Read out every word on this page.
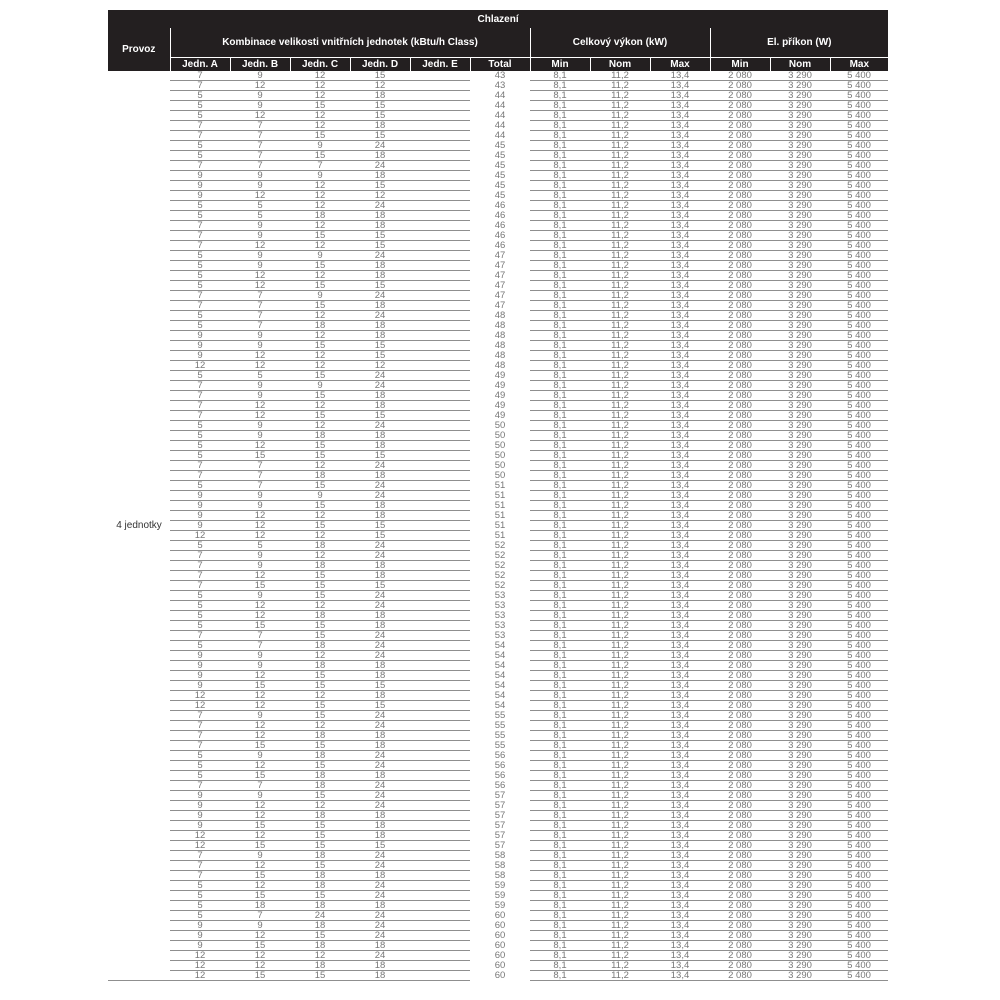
Chlazení												
Provoz	Kombinace velikosti vnitřních jednotek (kBtu/h Class)						Celkový výkon (kW)			El. příkon (W)		
	Jedn. A	Jedn. B	Jedn. C	Jedn. D	Jedn. E	Total	Min	Nom	Max	Min	Nom	Max
4 jednotky	7	9	12	15		43	8,1	11,2	13,4	2 080	3 290	5 400
	7	12	12	12		43	8,1	11,2	13,4	2 080	3 290	5 400
	5	9	12	18		44	8,1	11,2	13,4	2 080	3 290	5 400
	5	9	15	15		44	8,1	11,2	13,4	2 080	3 290	5 400
	5	12	12	15		44	8,1	11,2	13,4	2 080	3 290	5 400
	7	7	12	18		44	8,1	11,2	13,4	2 080	3 290	5 400
	7	7	15	15		44	8,1	11,2	13,4	2 080	3 290	5 400
	5	7	9	24		45	8,1	11,2	13,4	2 080	3 290	5 400
	5	7	15	18		45	8,1	11,2	13,4	2 080	3 290	5 400
	7	7	7	24		45	8,1	11,2	13,4	2 080	3 290	5 400
	9	9	9	18		45	8,1	11,2	13,4	2 080	3 290	5 400
	9	9	12	15		45	8,1	11,2	13,4	2 080	3 290	5 400
	9	12	12	12		45	8,1	11,2	13,4	2 080	3 290	5 400
	5	5	12	24		46	8,1	11,2	13,4	2 080	3 290	5 400
	5	5	18	18		46	8,1	11,2	13,4	2 080	3 290	5 400
	7	9	12	18		46	8,1	11,2	13,4	2 080	3 290	5 400
	7	9	15	15		46	8,1	11,2	13,4	2 080	3 290	5 400
	7	12	12	15		46	8,1	11,2	13,4	2 080	3 290	5 400
	5	9	9	24		47	8,1	11,2	13,4	2 080	3 290	5 400
	5	9	15	18		47	8,1	11,2	13,4	2 080	3 290	5 400
	5	12	12	18		47	8,1	11,2	13,4	2 080	3 290	5 400
	5	12	15	15		47	8,1	11,2	13,4	2 080	3 290	5 400
	7	7	9	24		47	8,1	11,2	13,4	2 080	3 290	5 400
	7	7	15	18		47	8,1	11,2	13,4	2 080	3 290	5 400
	5	7	12	24		48	8,1	11,2	13,4	2 080	3 290	5 400
	5	7	18	18		48	8,1	11,2	13,4	2 080	3 290	5 400
	9	9	12	18		48	8,1	11,2	13,4	2 080	3 290	5 400
	9	9	15	15		48	8,1	11,2	13,4	2 080	3 290	5 400
	9	12	12	15		48	8,1	11,2	13,4	2 080	3 290	5 400
	12	12	12	12		48	8,1	11,2	13,4	2 080	3 290	5 400
	5	5	15	24		49	8,1	11,2	13,4	2 080	3 290	5 400
	7	9	9	24		49	8,1	11,2	13,4	2 080	3 290	5 400
	7	9	15	18		49	8,1	11,2	13,4	2 080	3 290	5 400
	7	12	12	18		49	8,1	11,2	13,4	2 080	3 290	5 400
	7	12	15	15		49	8,1	11,2	13,4	2 080	3 290	5 400
	5	9	12	24		50	8,1	11,2	13,4	2 080	3 290	5 400
	5	9	18	18		50	8,1	11,2	13,4	2 080	3 290	5 400
	5	12	15	18		50	8,1	11,2	13,4	2 080	3 290	5 400
	5	15	15	15		50	8,1	11,2	13,4	2 080	3 290	5 400
	7	7	12	24		50	8,1	11,2	13,4	2 080	3 290	5 400
	7	7	18	18		50	8,1	11,2	13,4	2 080	3 290	5 400
	5	7	15	24		51	8,1	11,2	13,4	2 080	3 290	5 400
	9	9	9	24		51	8,1	11,2	13,4	2 080	3 290	5 400
	9	9	15	18		51	8,1	11,2	13,4	2 080	3 290	5 400
	9	12	12	18		51	8,1	11,2	13,4	2 080	3 290	5 400
	9	12	15	15		51	8,1	11,2	13,4	2 080	3 290	5 400
	12	12	12	15		51	8,1	11,2	13,4	2 080	3 290	5 400
	5	5	18	24		52	8,1	11,2	13,4	2 080	3 290	5 400
	7	9	12	24		52	8,1	11,2	13,4	2 080	3 290	5 400
	7	9	18	18		52	8,1	11,2	13,4	2 080	3 290	5 400
	7	12	15	18		52	8,1	11,2	13,4	2 080	3 290	5 400
	7	15	15	15		52	8,1	11,2	13,4	2 080	3 290	5 400
	5	9	15	24		53	8,1	11,2	13,4	2 080	3 290	5 400
	5	12	12	24		53	8,1	11,2	13,4	2 080	3 290	5 400
	5	12	18	18		53	8,1	11,2	13,4	2 080	3 290	5 400
	5	15	15	18		53	8,1	11,2	13,4	2 080	3 290	5 400
	7	7	15	24		53	8,1	11,2	13,4	2 080	3 290	5 400
	5	7	18	24		54	8,1	11,2	13,4	2 080	3 290	5 400
	9	9	12	24		54	8,1	11,2	13,4	2 080	3 290	5 400
	9	9	18	18		54	8,1	11,2	13,4	2 080	3 290	5 400
	9	12	15	18		54	8,1	11,2	13,4	2 080	3 290	5 400
	9	15	15	15		54	8,1	11,2	13,4	2 080	3 290	5 400
	12	12	12	18		54	8,1	11,2	13,4	2 080	3 290	5 400
	12	12	15	15		54	8,1	11,2	13,4	2 080	3 290	5 400
	7	9	15	24		55	8,1	11,2	13,4	2 080	3 290	5 400
	7	12	12	24		55	8,1	11,2	13,4	2 080	3 290	5 400
	7	12	18	18		55	8,1	11,2	13,4	2 080	3 290	5 400
	7	15	15	18		55	8,1	11,2	13,4	2 080	3 290	5 400
	5	9	18	24		56	8,1	11,2	13,4	2 080	3 290	5 400
	5	12	15	24		56	8,1	11,2	13,4	2 080	3 290	5 400
	5	15	18	18		56	8,1	11,2	13,4	2 080	3 290	5 400
	7	7	18	24		56	8,1	11,2	13,4	2 080	3 290	5 400
	9	9	15	24		57	8,1	11,2	13,4	2 080	3 290	5 400
	9	12	12	24		57	8,1	11,2	13,4	2 080	3 290	5 400
	9	12	18	18		57	8,1	11,2	13,4	2 080	3 290	5 400
	9	15	15	18		57	8,1	11,2	13,4	2 080	3 290	5 400
	12	12	15	18		57	8,1	11,2	13,4	2 080	3 290	5 400
	12	15	15	15		57	8,1	11,2	13,4	2 080	3 290	5 400
	7	9	18	24		58	8,1	11,2	13,4	2 080	3 290	5 400
	7	12	15	24		58	8,1	11,2	13,4	2 080	3 290	5 400
	7	15	18	18		58	8,1	11,2	13,4	2 080	3 290	5 400
	5	12	18	24		59	8,1	11,2	13,4	2 080	3 290	5 400
	5	15	15	24		59	8,1	11,2	13,4	2 080	3 290	5 400
	5	18	18	18		59	8,1	11,2	13,4	2 080	3 290	5 400
	5	7	24	24		60	8,1	11,2	13,4	2 080	3 290	5 400
	9	9	18	24		60	8,1	11,2	13,4	2 080	3 290	5 400
	9	12	15	24		60	8,1	11,2	13,4	2 080	3 290	5 400
	9	15	18	18		60	8,1	11,2	13,4	2 080	3 290	5 400
	12	12	12	24		60	8,1	11,2	13,4	2 080	3 290	5 400
	12	12	18	18		60	8,1	11,2	13,4	2 080	3 290	5 400
	12	15	15	18		60	8,1	11,2	13,4	2 080	3 290	5 400
